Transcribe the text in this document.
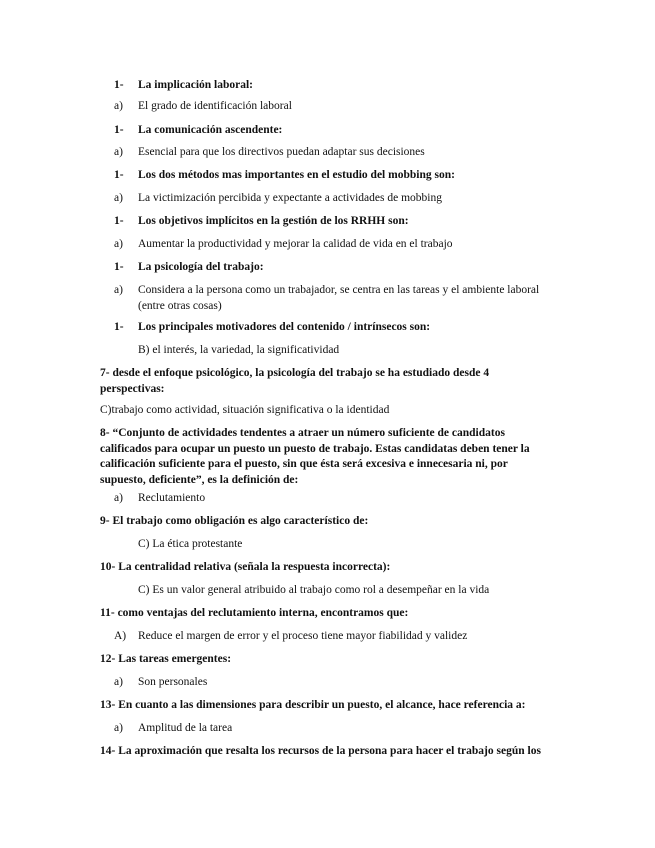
1- La implicación laboral:
a) El grado de identificación laboral
1- La comunicación ascendente:
a) Esencial para que los directivos puedan adaptar sus decisiones
1- Los dos métodos mas importantes en el estudio del mobbing son:
a) La victimización percibida y expectante a actividades de mobbing
1- Los objetivos implícitos en la gestión de los RRHH son:
a) Aumentar la productividad y mejorar la calidad de vida en el trabajo
1- La psicología del trabajo:
a) Considera a la persona como un trabajador, se centra en las tareas y el ambiente laboral (entre otras cosas)
1- Los principales motivadores del contenido / intrínsecos son:
B) el interés, la variedad, la significatividad
7- desde el enfoque psicológico, la psicología del trabajo se ha estudiado desde 4 perspectivas:
C)trabajo como actividad, situación significativa o la identidad
8- “Conjunto de actividades tendentes a atraer un número suficiente de candidatos calificados para ocupar un puesto un puesto de trabajo. Estas candidatas deben tener la calificación suficiente para el puesto, sin que ésta será excesiva e innecesaria ni, por supuesto, deficiente”, es la definición de:
a) Reclutamiento
9- El trabajo como obligación es algo característico de:
C) La ética protestante
10- La centralidad relativa (señala la respuesta incorrecta):
C) Es un valor general atribuido al trabajo como rol a desempeñar en la vida
11- como ventajas del reclutamiento interna, encontramos que:
A) Reduce el margen de error y el proceso tiene mayor fiabilidad y validez
12- Las tareas emergentes:
a) Son personales
13- En cuanto a las dimensiones para describir un puesto, el alcance, hace referencia a:
a) Amplitud de la tarea
14- La aproximación que resalta los recursos de la persona para hacer el trabajo según los
